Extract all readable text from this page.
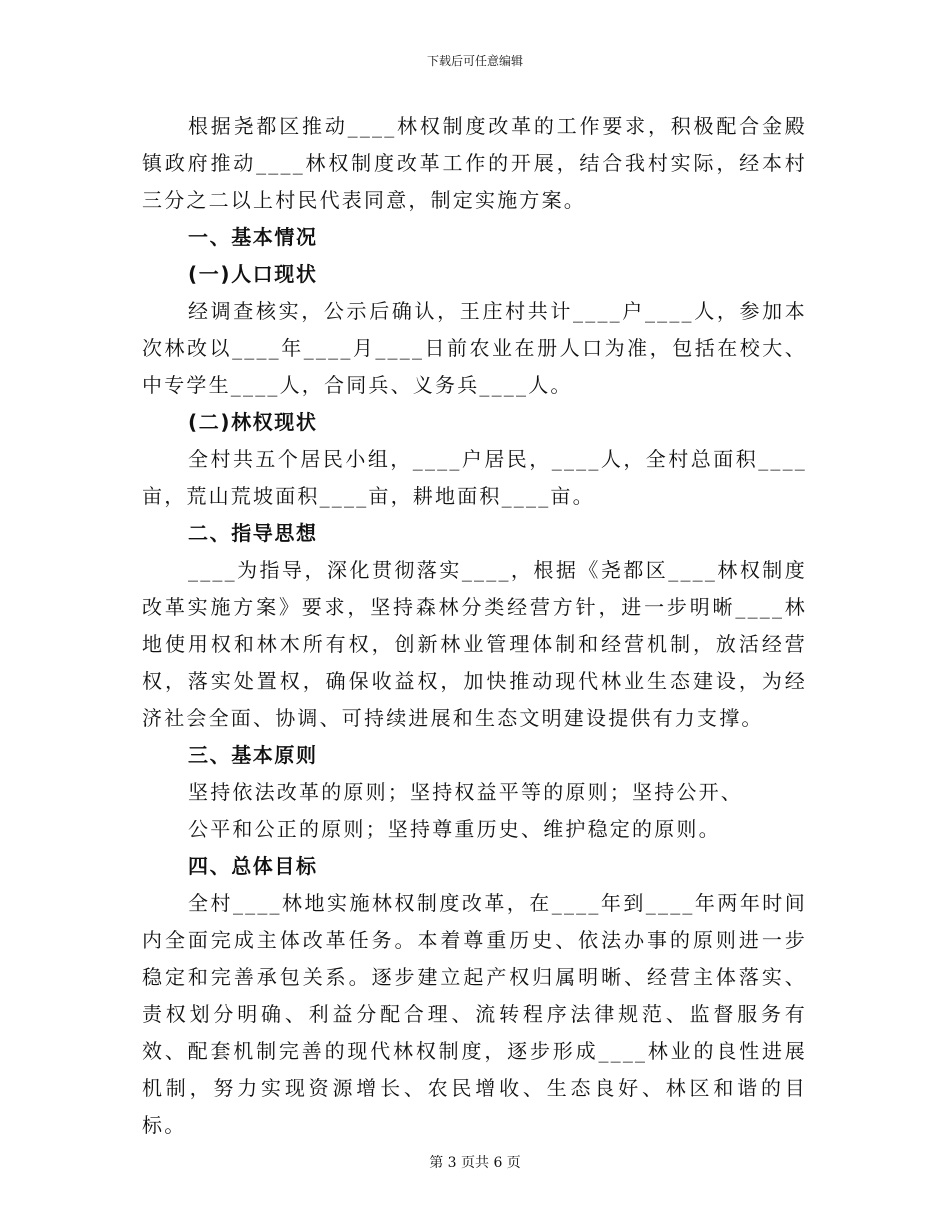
下载后可任意编辑

根据尧都区推动____林权制度改革的工作要求，积极配合金殿镇政府推动____林权制度改革工作的开展，结合我村实际，经本村三分之二以上村民代表同意，制定实施方案。

一、基本情况

(一)人口现状

经调查核实，公示后确认，王庄村共计____户____人，参加本次林改以____年____月____日前农业在册人口为准，包括在校大、中专学生____人，合同兵、义务兵____人。

(二)林权现状

全村共五个居民小组，____户居民，____人，全村总面积____亩，荒山荒坡面积____亩，耕地面积____亩。

二、指导思想

____为指导，深化贯彻落实____，根据《尧都区____林权制度改革实施方案》要求，坚持森林分类经营方针，进一步明晰____林地使用权和林木所有权，创新林业管理体制和经营机制，放活经营权，落实处置权，确保收益权，加快推动现代林业生态建设，为经济社会全面、协调、可持续进展和生态文明建设提供有力支撑。

三、基本原则

坚持依法改革的原则；坚持权益平等的原则；坚持公开、

公平和公正的原则；坚持尊重历史、维护稳定的原则。

四、总体目标

全村____林地实施林权制度改革，在____年到____年两年时间内全面完成主体改革任务。本着尊重历史、依法办事的原则进一步稳定和完善承包关系。逐步建立起产权归属明晰、经营主体落实、责权划分明确、利益分配合理、流转程序法律规范、监督服务有效、配套机制完善的现代林权制度，逐步形成____林业的良性进展机制，努力实现资源增长、农民增收、生态良好、林区和谐的目标。

第 3 页共 6 页
